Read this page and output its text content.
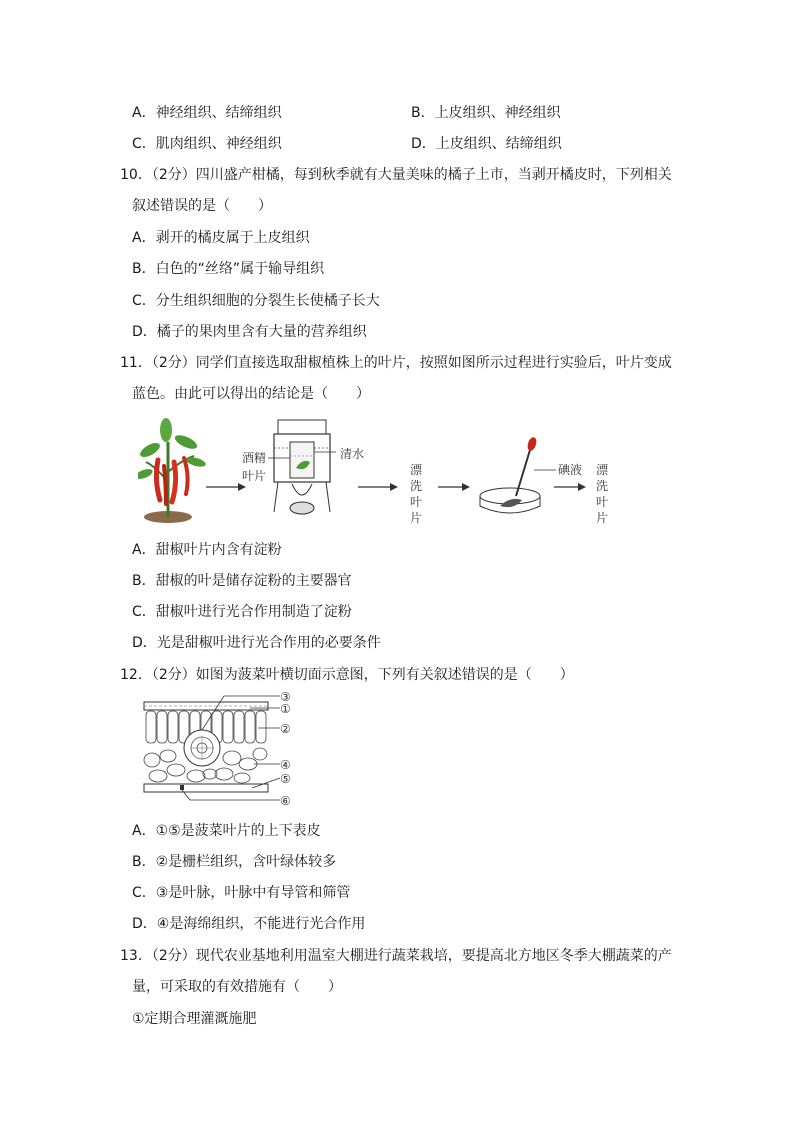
A．神经组织、结缔组织	B．上皮组织、神经组织
C．肌肉组织、神经组织	D．上皮组织、结缔组织
10．（2分）四川盛产柑橘，每到秋季就有大量美味的橘子上市，当剥开橘皮时，下列相关
叙述错误的是（　　）
A．剥开的橘皮属于上皮组织
B．白色的“丝络”属于输导组织
C．分生组织细胞的分裂生长使橘子长大
D．橘子的果肉里含有大量的营养组织
11．（2分）同学们直接选取甜椒植株上的叶片，按照如图所示过程进行实验后，叶片变成
蓝色。由此可以得出的结论是（　　）
酒精
叶片
清水
漂
洗
叶
片
碘液 漂
洗
叶
片
A．甜椒叶片内含有淀粉
B．甜椒的叶是储存淀粉的主要器官
C．甜椒叶进行光合作用制造了淀粉
D．光是甜椒叶进行光合作用的必要条件
12．（2分）如图为菠菜叶横切面示意图，下列有关叙述错误的是（　　）
③
①
②
④
⑤
⑥
A．①⑤是菠菜叶片的上下表皮
B．②是栅栏组织，含叶绿体较多
C．③是叶脉，叶脉中有导管和筛管
D．④是海绵组织，不能进行光合作用
13．（2分）现代农业基地利用温室大棚进行蔬菜栽培，要提高北方地区冬季大棚蔬菜的产
量，可采取的有效措施有（　　）
①定期合理灌溉施肥
